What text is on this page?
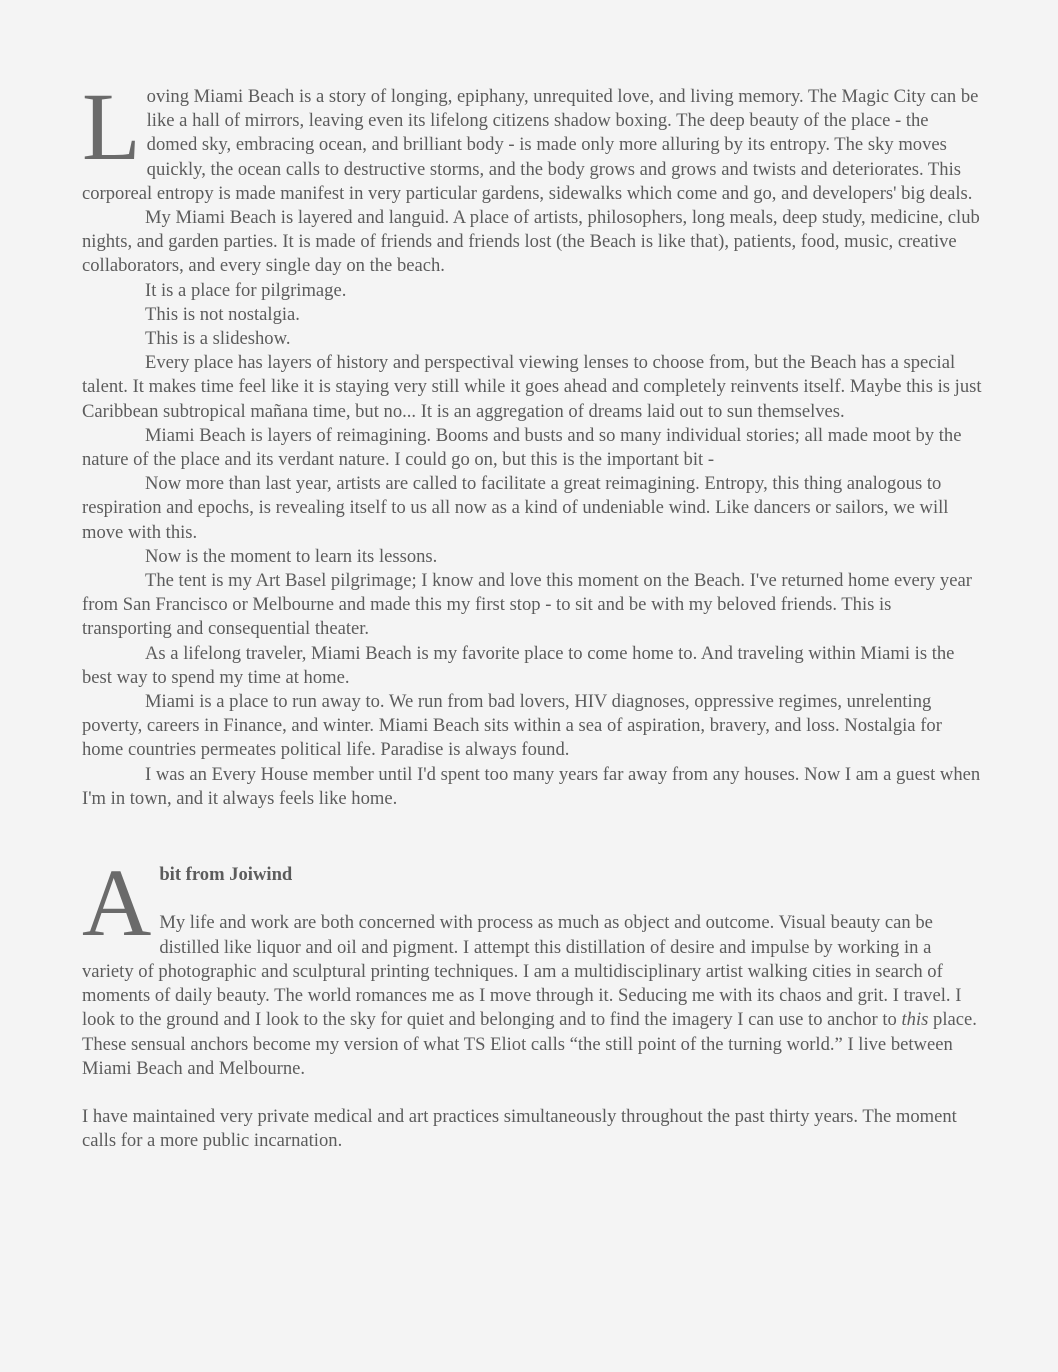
Loving Miami Beach is a story of longing, epiphany, unrequited love, and living memory. The Magic City can be like a hall of mirrors, leaving even its lifelong citizens shadow boxing. The deep beauty of the place - the domed sky, embracing ocean, and brilliant body - is made only more alluring by its entropy. The sky moves quickly, the ocean calls to destructive storms, and the body grows and grows and twists and deteriorates. This corporeal entropy is made manifest in very particular gardens, sidewalks which come and go, and developers' big deals.

My Miami Beach is layered and languid. A place of artists, philosophers, long meals, deep study, medicine, club nights, and garden parties. It is made of friends and friends lost (the Beach is like that), patients, food, music, creative collaborators, and every single day on the beach.

It is a place for pilgrimage.

This is not nostalgia.

This is a slideshow.

Every place has layers of history and perspectival viewing lenses to choose from, but the Beach has a special talent. It makes time feel like it is staying very still while it goes ahead and completely reinvents itself. Maybe this is just Caribbean subtropical mañana time, but no... It is an aggregation of dreams laid out to sun themselves.

Miami Beach is layers of reimagining. Booms and busts and so many individual stories; all made moot by the nature of the place and its verdant nature. I could go on, but this is the important bit -

Now more than last year, artists are called to facilitate a great reimagining. Entropy, this thing analogous to respiration and epochs, is revealing itself to us all now as a kind of undeniable wind. Like dancers or sailors, we will move with this.

Now is the moment to learn its lessons.

The tent is my Art Basel pilgrimage; I know and love this moment on the Beach. I've returned home every year from San Francisco or Melbourne and made this my first stop - to sit and be with my beloved friends. This is transporting and consequential theater.

As a lifelong traveler, Miami Beach is my favorite place to come home to. And traveling within Miami is the best way to spend my time at home.

Miami is a place to run away to. We run from bad lovers, HIV diagnoses, oppressive regimes, unrelenting poverty, careers in Finance, and winter. Miami Beach sits within a sea of aspiration, bravery, and loss. Nostalgia for home countries permeates political life. Paradise is always found.

I was an Every House member until I'd spent too many years far away from any houses. Now I am a guest when I'm in town, and it always feels like home.

A bit from Joiwind

My life and work are both concerned with process as much as object and outcome. Visual beauty can be distilled like liquor and oil and pigment. I attempt this distillation of desire and impulse by working in a variety of photographic and sculptural printing techniques. I am a multidisciplinary artist walking cities in search of moments of daily beauty. The world romances me as I move through it. Seducing me with its chaos and grit. I travel. I look to the ground and I look to the sky for quiet and belonging and to find the imagery I can use to anchor to this place. These sensual anchors become my version of what TS Eliot calls “the still point of the turning world.” I live between Miami Beach and Melbourne.

I have maintained very private medical and art practices simultaneously throughout the past thirty years. The moment calls for a more public incarnation.
